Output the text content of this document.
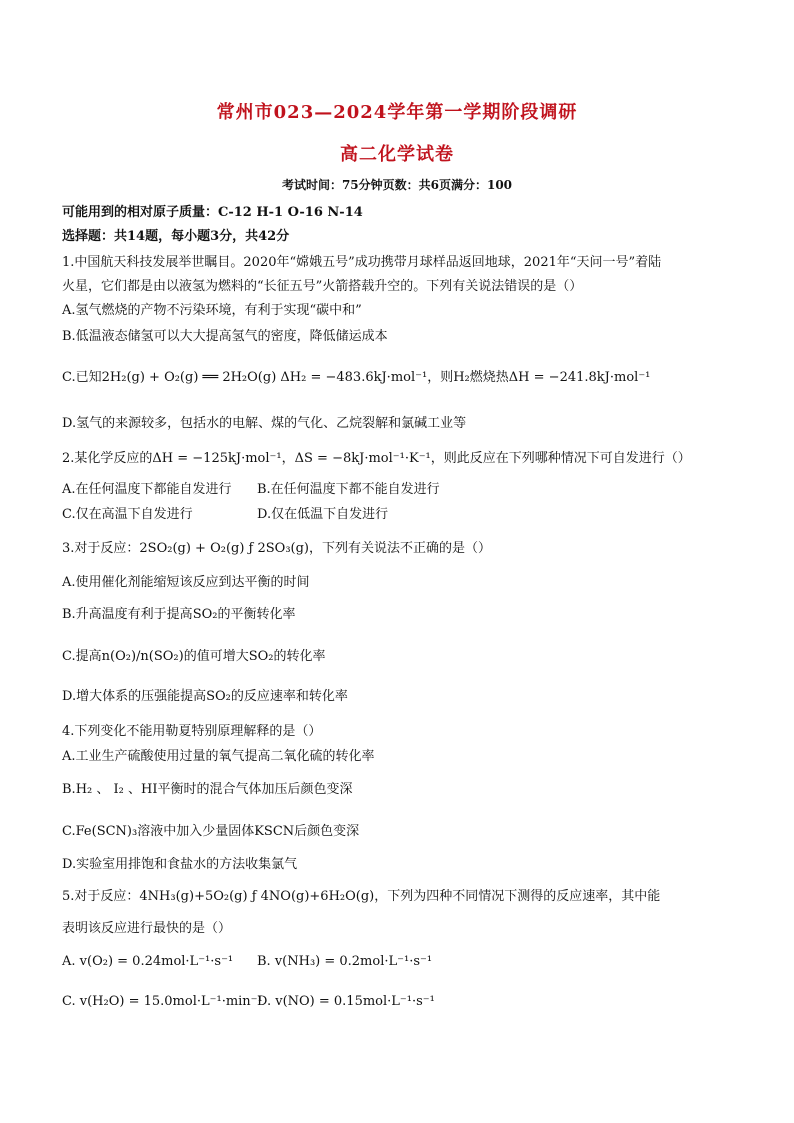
常州市023—2024学年第一学期阶段调研
高二化学试卷
考试时间：75分钟页数：共6页满分：100
可能用到的相对原子质量：C-12 H-1 O-16 N-14
选择题：共14题，每小题3分，共42分
1.中国航天科技发展举世瞩目。2020年“嫦娥五号”成功携带月球样品返回地球，2021年“天问一号”着陆
火星，它们都是由以液氢为燃料的“长征五号”火箭搭载升空的。下列有关说法错误的是（）
A.氢气燃烧的产物不污染环境，有利于实现“碳中和”
B.低温液态储氢可以大大提高氢气的密度，降低储运成本
C.已知2H₂(g) + O₂(g) ══ 2H₂O(g) ΔH₂ = −483.6kJ·mol⁻¹，则H₂燃烧热ΔH = −241.8kJ·mol⁻¹
D.氢气的来源较多，包括水的电解、煤的气化、乙烷裂解和氯碱工业等
2.某化学反应的ΔH = −125kJ·mol⁻¹，ΔS = −8kJ·mol⁻¹·K⁻¹，则此反应在下列哪种情况下可自发进行（）
A.在任何温度下都能自发进行 B.在任何温度下都不能自发进行
C.仅在高温下自发进行	D.仅在低温下自发进行
3.对于反应：2SO₂(g) + O₂(g) ƒ 2SO₃(g)，下列有关说法不正确的是（）
A.使用催化剂能缩短该反应到达平衡的时间
B.升高温度有利于提高SO₂的平衡转化率
C.提高n(O₂)/n(SO₂)的值可增大SO₂的转化率
D.增大体系的压强能提高SO₂的反应速率和转化率
4.下列变化不能用勒夏特别原理解释的是（）
A.工业生产硫酸使用过量的氧气提高二氧化硫的转化率
B.H₂ 、 I₂ 、HI平衡时的混合气体加压后颜色变深
C.Fe(SCN)₃溶液中加入少量固体KSCN后颜色变深
D.实验室用排饱和食盐水的方法收集氯气
5.对于反应：4NH₃(g)+5O₂(g) ƒ 4NO(g)+6H₂O(g)，下列为四种不同情况下测得的反应速率，其中能
表明该反应进行最快的是（）
A. v(O₂) = 0.24mol·L⁻¹·s⁻¹ B. v(NH₃) = 0.2mol·L⁻¹·s⁻¹
C. v(H₂O) = 15.0mol·L⁻¹·min⁻¹D. v(NO) = 0.15mol·L⁻¹·s⁻¹
